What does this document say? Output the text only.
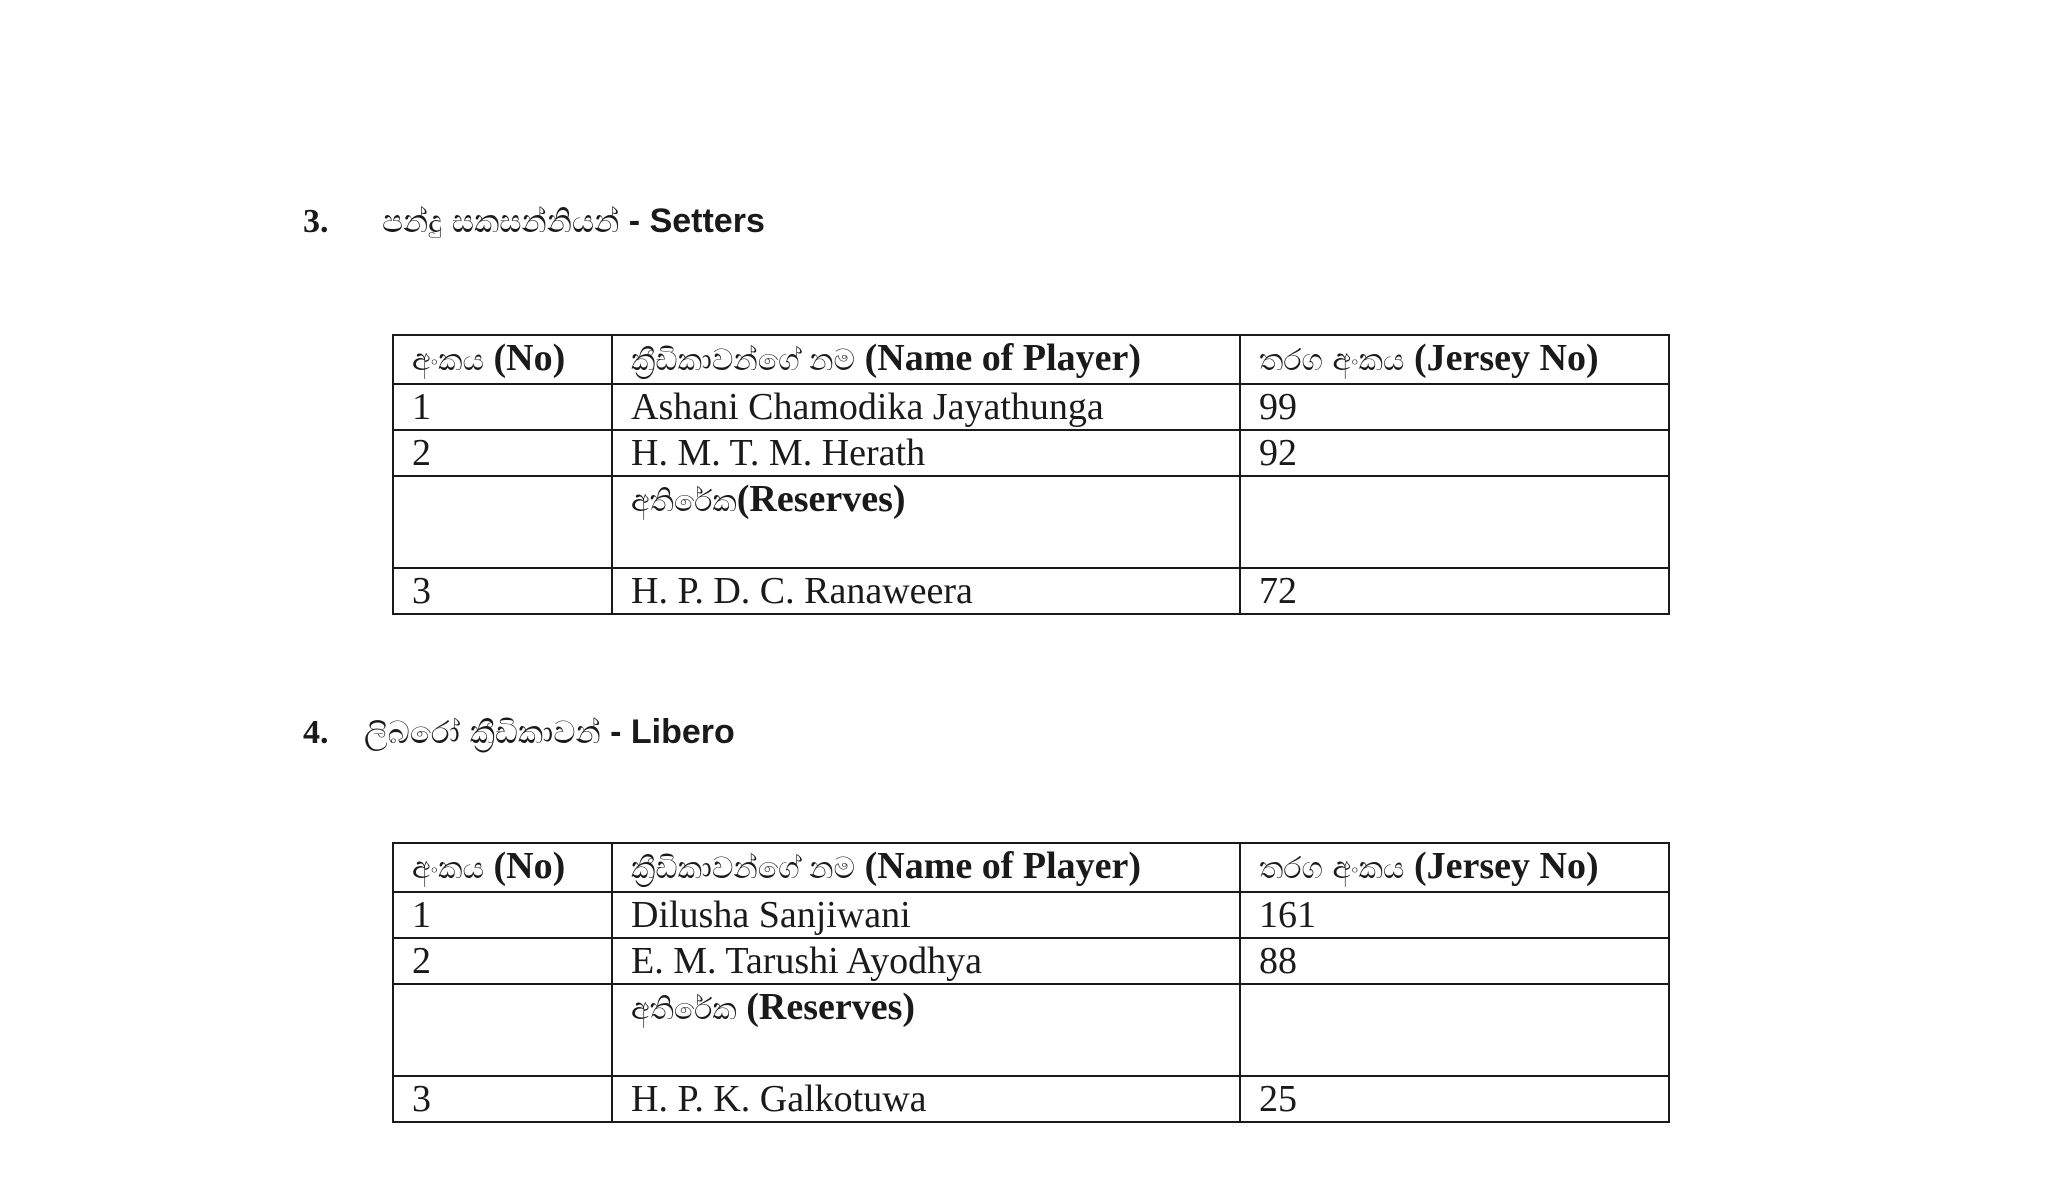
3. පන්දු සකසන්නියන් - Setters
අංකය (No)	ක්‍රීඩිකාවන්ගේ නම (Name of Player)	තරග අංකය (Jersey No)
1	Ashani Chamodika Jayathunga	99
2	H. M. T. M. Herath	92
	අතිරේක(Reserves)	
3	H. P. D. C. Ranaweera	72
4. ලිබරෝ ක්‍රීඩිකාවන් - Libero
අංකය (No)	ක්‍රීඩිකාවන්ගේ නම (Name of Player)	තරග අංකය (Jersey No)
1	Dilusha Sanjiwani	161
2	E. M. Tarushi Ayodhya	88
	අතිරේක (Reserves)	
3	H. P. K. Galkotuwa	25
